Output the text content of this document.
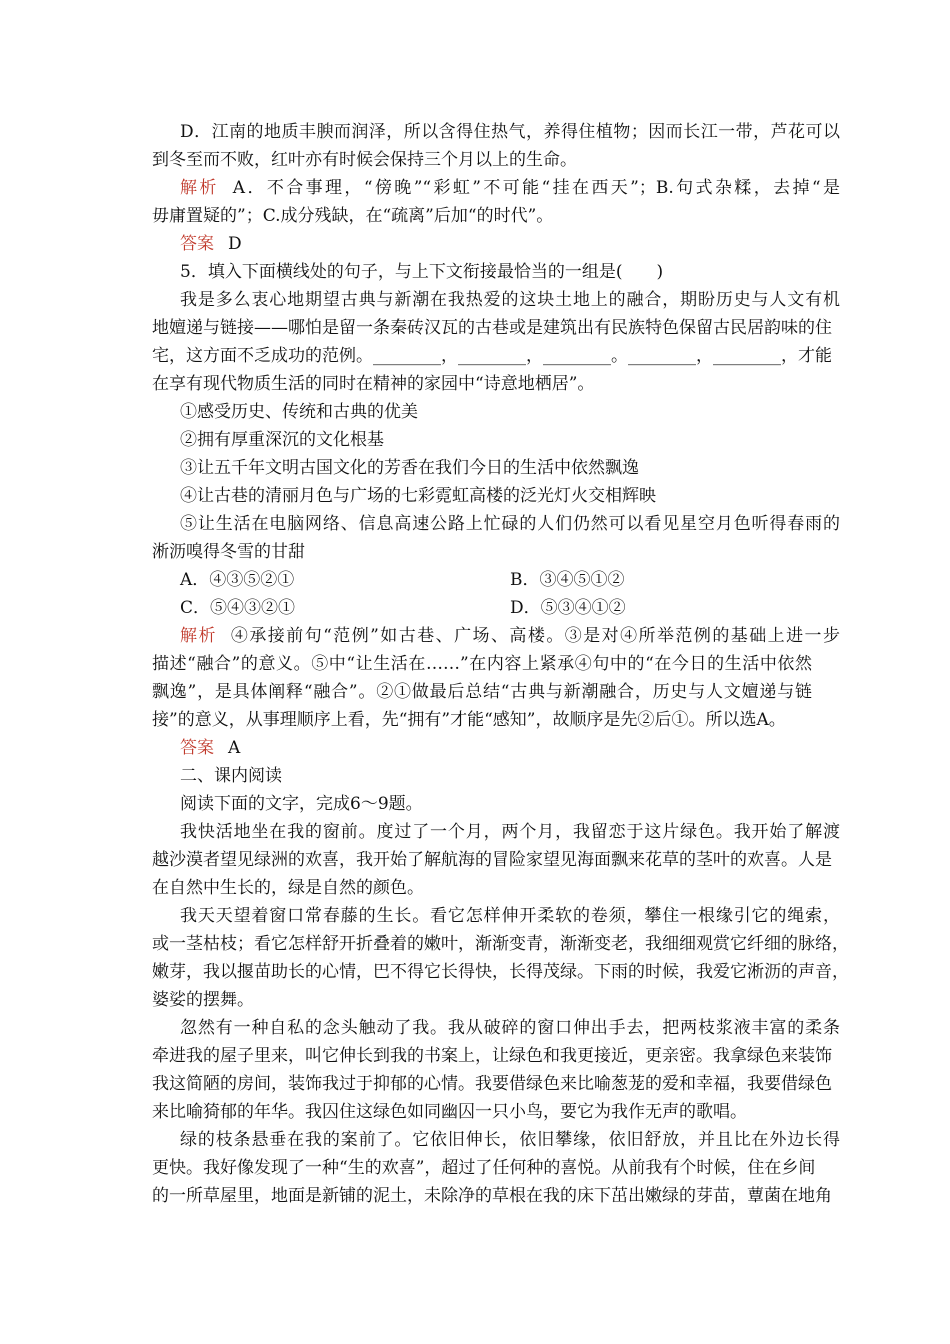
D．江南的地质丰腴而润泽，所以含得住热气，养得住植物；因而长江一带，芦花可以
到冬至而不败，红叶亦有时候会保持三个月以上的生命。
解析 A．不合事理，“傍晚”“彩虹”不可能“挂在西天”；B.句式杂糅，去掉“是
毋庸置疑的”；C.成分残缺，在“疏离”后加“的时代”。
答案 D
5．填入下面横线处的句子，与上下文衔接最恰当的一组是(　　)
我是多么衷心地期望古典与新潮在我热爱的这块土地上的融合，期盼历史与人文有机
地嬗递与链接——哪怕是留一条秦砖汉瓦的古巷或是建筑出有民族特色保留古民居韵味的住
宅，这方面不乏成功的范例。________，________，________。________，________，才能
在享有现代物质生活的同时在精神的家园中“诗意地栖居”。
①感受历史、传统和古典的优美
②拥有厚重深沉的文化根基
③让五千年文明古国文化的芳香在我们今日的生活中依然飘逸
④让古巷的清丽月色与广场的七彩霓虹高楼的泛光灯火交相辉映
⑤让生活在电脑网络、信息高速公路上忙碌的人们仍然可以看见星空月色听得春雨的
淅沥嗅得冬雪的甘甜
A．④③⑤②①	B．③④⑤①②
C．⑤④③②①	D．⑤③④①②
解析 ④承接前句“范例”如古巷、广场、高楼。③是对④所举范例的基础上进一步
描述“融合”的意义。⑤中“让生活在……”在内容上紧承④句中的“在今日的生活中依然
飘逸”，是具体阐释“融合”。②①做最后总结“古典与新潮融合，历史与人文嬗递与链
接”的意义，从事理顺序上看，先“拥有”才能“感知”，故顺序是先②后①。所以选A。
答案 A
二、课内阅读
阅读下面的文字，完成6～9题。
我快活地坐在我的窗前。度过了一个月，两个月，我留恋于这片绿色。我开始了解渡
越沙漠者望见绿洲的欢喜，我开始了解航海的冒险家望见海面飘来花草的茎叶的欢喜。人是
在自然中生长的，绿是自然的颜色。
我天天望着窗口常春藤的生长。看它怎样伸开柔软的卷须，攀住一根缘引它的绳索，
或一茎枯枝；看它怎样舒开折叠着的嫩叶，渐渐变青，渐渐变老，我细细观赏它纤细的脉络，
嫩芽，我以揠苗助长的心情，巴不得它长得快，长得茂绿。下雨的时候，我爱它淅沥的声音，
婆娑的摆舞。
忽然有一种自私的念头触动了我。我从破碎的窗口伸出手去，把两枝浆液丰富的柔条
牵进我的屋子里来，叫它伸长到我的书案上，让绿色和我更接近，更亲密。我拿绿色来装饰
我这简陋的房间，装饰我过于抑郁的心情。我要借绿色来比喻葱茏的爱和幸福，我要借绿色
来比喻猗郁的年华。我囚住这绿色如同幽囚一只小鸟，要它为我作无声的歌唱。
绿的枝条悬垂在我的案前了。它依旧伸长，依旧攀缘，依旧舒放，并且比在外边长得
更快。我好像发现了一种“生的欢喜”，超过了任何种的喜悦。从前我有个时候，住在乡间
的一所草屋里，地面是新铺的泥土，未除净的草根在我的床下茁出嫩绿的芽苗，蕈菌在地角
